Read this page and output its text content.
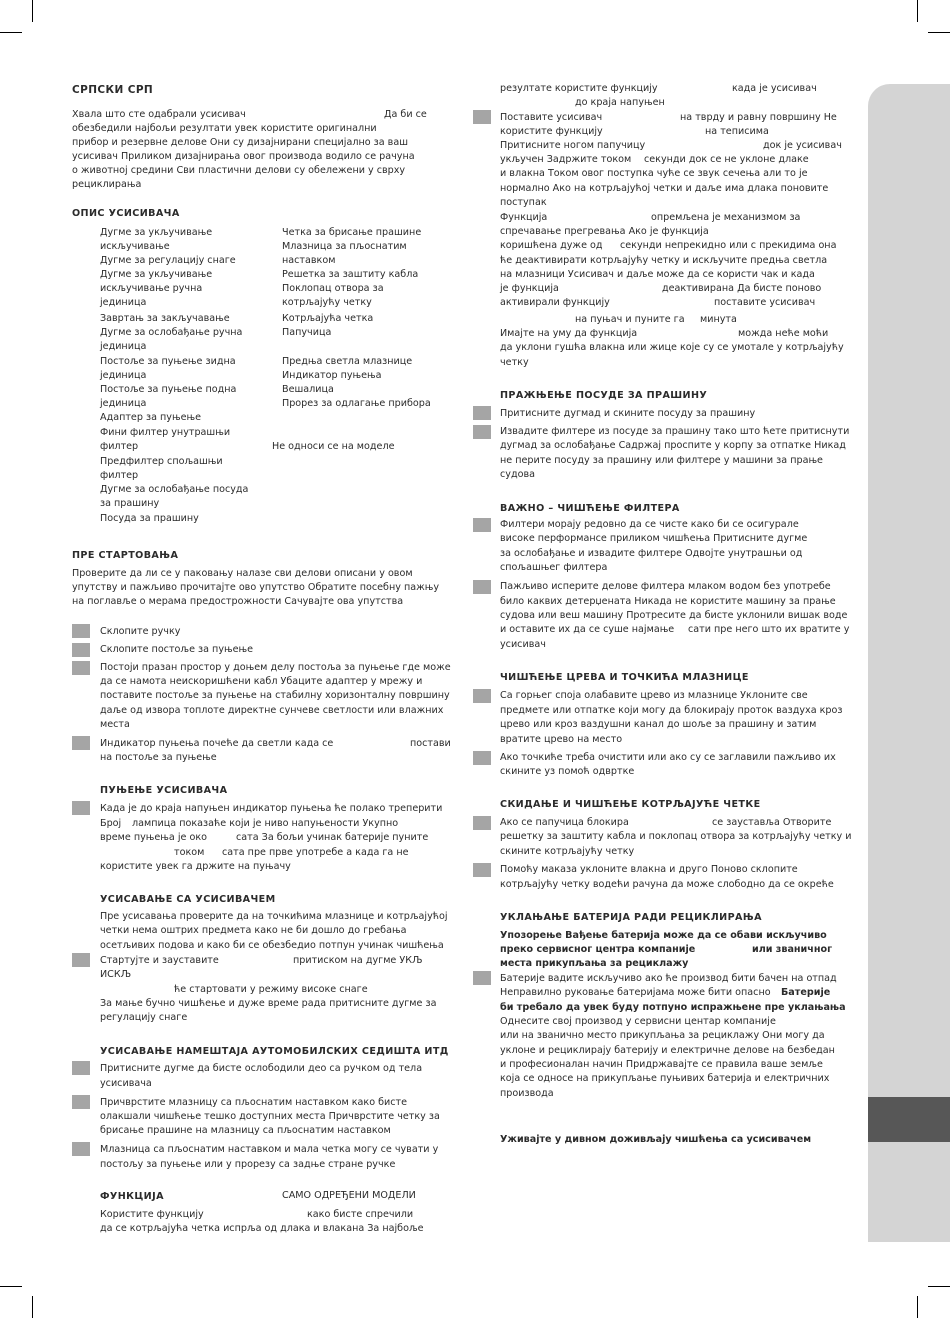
СРПСКИ СРП
Хвала што сте одабрали усисивач	Да би се
обезбедили најбољи резултати увек користите оригинални
прибор и резервне делове Они су дизајнирани специјално за ваш
усисивач Приликом дизајнирања овог производа водило се рачуна
о животној средини Сви пластични делови су обележени у сврху
рециклирања
ОПИС УСИСИВАЧА
Дугме за укључивање
искључивање
Дугме за регулацију снаге
Дугме за укључивање
искључивање ручна
јединица
Завртањ за закључавање
Дугме за ослобађање ручна
јединица
Постоље за пуњење зидна
јединица
Постоље за пуњење подна
јединица
Адаптер за пуњење
Фини филтер унутрашњи
филтер
Предфилтер спољашњи
филтер
Дугме за ослобађање посуда
за прашину
Посуда за прашину
Четка за брисање прашине
Млазница за пљоснатим
наставком
Решетка за заштиту кабла
Поклопац отвора за
котрљајућу четку
Котрљајућа четка
Папучица
Предња светла млазнице
Индикатор пуњења
Вешалица
Прорез за одлагање прибора
Не односи се на моделе
ПРЕ СТАРТОВАЊА
Проверите да ли се у паковању налазе сви делови описани у овом
упутству и пажљиво прочитајте ово упутство Обратите посебну пажњу
на поглавље о мерама предострожности Сачувајте ова упутства
Склопите ручку
Склопите постоље за пуњење
Постоји празан простор у доњем делу постоља за пуњење где може
да се намота неискоришћени кабл Убаците адаптер у мрежу и
поставите постоље за пуњење на стабилну хоризонталну површину
даље од извора топлоте директне сунчеве светлости или влажних
места
Индикатор пуњења почеће да светли када се	постави
на постоље за пуњење
ПУЊЕЊЕ УСИСИВАЧА
Када је до краја напуњен индикатор пуњења ће полако треперити
Број лампица показаће који је ниво напуњености Укупно
време пуњења је око	сата За бољи учинак батерије пуните
током сата пре прве употребе а када га не
користите увек га држите на пуњачу
УСИСАВАЊЕ СА УСИСИВАЧЕМ
Пре усисавања проверите да на точкићима млазнице и котрљајућој
четки нема оштрих предмета како не би дошло до гребања
осетљивих подова и како би се обезбедио потпун учинак чишћења
Стартујте и зауставите	притиском на дугме УКЉ
ИСКЉ
ће стартовати у режиму високе снаге
За мање бучно чишћење и дуже време рада притисните дугме за
регулацију снаге
УСИСАВАЊЕ НАМЕШТАЈА АУТОМОБИЛСКИХ СЕДИШТА ИТД
Притисните дугме да бисте ослободили део са ручком од тела
усисивача
Причврстите млазницу са пљоснатим наставком како бисте
олакшали чишћење тешко доступних места Причврстите четку за
брисање прашине на млазницу са пљоснатим наставком
Млазница са пљоснатим наставком и мала четка могу се чувати у
постољу за пуњење или у прорезу са задње стране ручке
ФУНКЦИЈА	САМО ОДРЕЂЕНИ МОДЕЛИ
Користите функцију	како бисте спречили
да се котрљајућа четка испрља од длака и влакана За најбоље
резултате користите функцију	када је усисивач
до краја напуњен
Поставите усисивач	на тврду и равну површину Не
користите функцију	на теписима
Притисните ногом папучицу	док је усисивач
укључен Задржите током секунди док се не уклоне длаке
и влакна Током овог поступка чуће се звук сечења али то је
нормално Ако на котрљајућој четки и даље има длака поновите
поступак
Функција	опремљена је механизмом за
спречавање прегревања Ако је функција
коришћена дуже од секунди непрекидно или с прекидима она
ће деактивирати котрљајућу четку и искључите предња светла
на млазници Усисивач и даље може да се користи чак и када
је функција	деактивирана Да бисте поново
активирали функцију	поставите усисивач
на пуњач и пуните га минута
Имајте на уму да функција	можда неће моћи
да уклони гушћа влакна или жице које су се умотале у котрљајућу
четку
ПРАЖЊЕЊЕ ПОСУДЕ ЗА ПРАШИНУ
Притисните дугмад и скините посуду за прашину
Извадите филтере из посуде за прашину тако што ћете притиснути
дугмад за ослобађање Садржај проспите у корпу за отпатке Никад
не перите посуду за прашину или филтере у машини за прање
судова
ВАЖНО – ЧИШЋЕЊЕ ФИЛТЕРА
Филтери морају редовно да се чисте како би се осигурале
високе перформансе приликом чишћења Притисните дугме
за ослобађање и извадите филтере Одвојте унутрашњи од
спољашњег филтера
Пажљиво исперите делове филтера млаком водом без употребе
било каквих детерџената Никада не користите машину за прање
судова или веш машину Протресите да бисте уклонили вишак воде
и оставите их да се суше најмање сати пре него што их вратите у
усисивач
ЧИШЋЕЊЕ ЦРЕВА И ТОЧКИЋА МЛАЗНИЦЕ
Са горњег споја олабавите црево из млазнице Уклоните све
предмете или отпатке који могу да блокирају проток ваздуха кроз
црево или кроз ваздушни канал до шоље за прашину и затим
вратите црево на место
Ако точкиће треба очистити или ако су се заглавили пажљиво их
скините уз помоћ одвртке
СКИДАЊЕ И ЧИШЋЕЊЕ КОТРЉАЈУЋЕ ЧЕТКЕ
Ако се папучица блокира	се зауставља Отворите
решетку за заштиту кабла и поклопац отвора за котрљајућу четку и
скините котрљајућу четку
Помоћу маказа уклоните влакна и друго Поново склопите
котрљајућу четку водећи рачуна да може слободно да се окреће
УКЛАЊАЊЕ БАТЕРИЈА РАДИ РЕЦИКЛИРАЊА
Упозорење Вађење батерија може да се обави искључиво
преко сервисног центра компаније	или званичног
места прикупљања за рециклажу
Батерије вадите искључиво ако ће производ бити бачен на отпад
Неправилно руковање батеријама може бити опасно Батерије
би требало да увек буду потпуно испражњене пре уклањања
Однесите свој производ у сервисни центар компаније
или на званично место прикупљања за рециклажу Они могу да
уклоне и рециклирају батерију и електричне делове на безбедан
и професионалан начин Придржавајте се правила ваше земље
која се односе на прикупљање пуњивих батерија и електричних
производа
Уживајте у дивном доживљају чишћења са усисивачем
